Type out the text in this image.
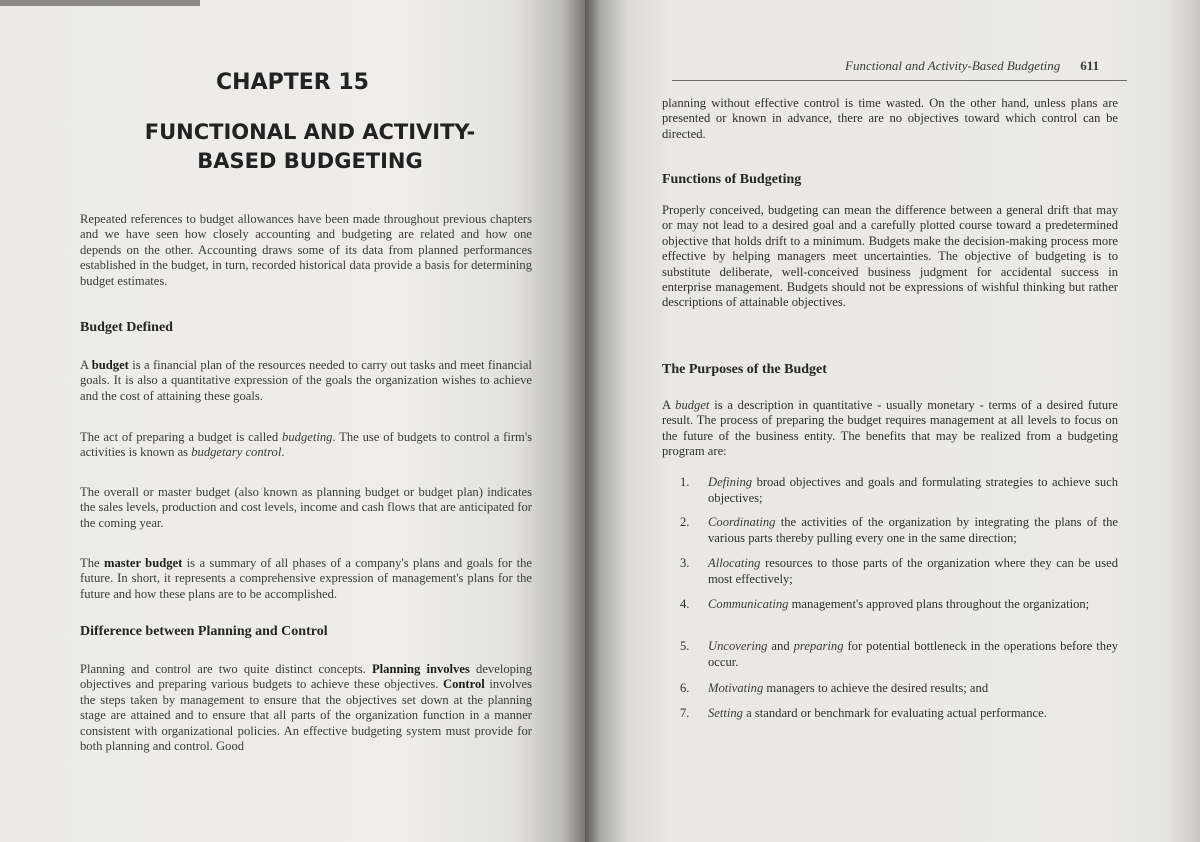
CHAPTER 15
FUNCTIONAL AND ACTIVITY-BASED BUDGETING
Repeated references to budget allowances have been made throughout previous chapters and we have seen how closely accounting and budgeting are related and how one depends on the other. Accounting draws some of its data from planned performances established in the budget, in turn, recorded historical data provide a basis for determining budget estimates.
Budget Defined
A budget is a financial plan of the resources needed to carry out tasks and meet financial goals. It is also a quantitative expression of the goals the organization wishes to achieve and the cost of attaining these goals.
The act of preparing a budget is called budgeting. The use of budgets to control a firm's activities is known as budgetary control.
The overall or master budget (also known as planning budget or budget plan) indicates the sales levels, production and cost levels, income and cash flows that are anticipated for the coming year.
The master budget is a summary of all phases of a company's plans and goals for the future. In short, it represents a comprehensive expression of management's plans for the future and how these plans are to be accomplished.
Difference between Planning and Control
Planning and control are two quite distinct concepts. Planning involves developing objectives and preparing various budgets to achieve these objectives. Control involves the steps taken by management to ensure that the objectives set down at the planning stage are attained and to ensure that all parts of the organization function in a manner consistent with organizational policies. An effective budgeting system must provide for both planning and control. Good
Functional and Activity-Based Budgeting 611
planning without effective control is time wasted. On the other hand, unless plans are presented or known in advance, there are no objectives toward which control can be directed.
Functions of Budgeting
Properly conceived, budgeting can mean the difference between a general drift that may or may not lead to a desired goal and a carefully plotted course toward a predetermined objective that holds drift to a minimum. Budgets make the decision-making process more effective by helping managers meet uncertainties. The objective of budgeting is to substitute deliberate, well-conceived business judgment for accidental success in enterprise management. Budgets should not be expressions of wishful thinking but rather descriptions of attainable objectives.
The Purposes of the Budget
A budget is a description in quantitative - usually monetary - terms of a desired future result. The process of preparing the budget requires management at all levels to focus on the future of the business entity. The benefits that may be realized from a budgeting program are:
1.	Defining broad objectives and goals and formulating strategies to achieve such objectives;
2.	Coordinating the activities of the organization by integrating the plans of the various parts thereby pulling every one in the same direction;
3.	Allocating resources to those parts of the organization where they can be used most effectively;
4.	Communicating management's approved plans throughout the organization;
5.	Uncovering and preparing for potential bottleneck in the operations before they occur.
6.	Motivating managers to achieve the desired results; and
7.	Setting a standard or benchmark for evaluating actual performance.
